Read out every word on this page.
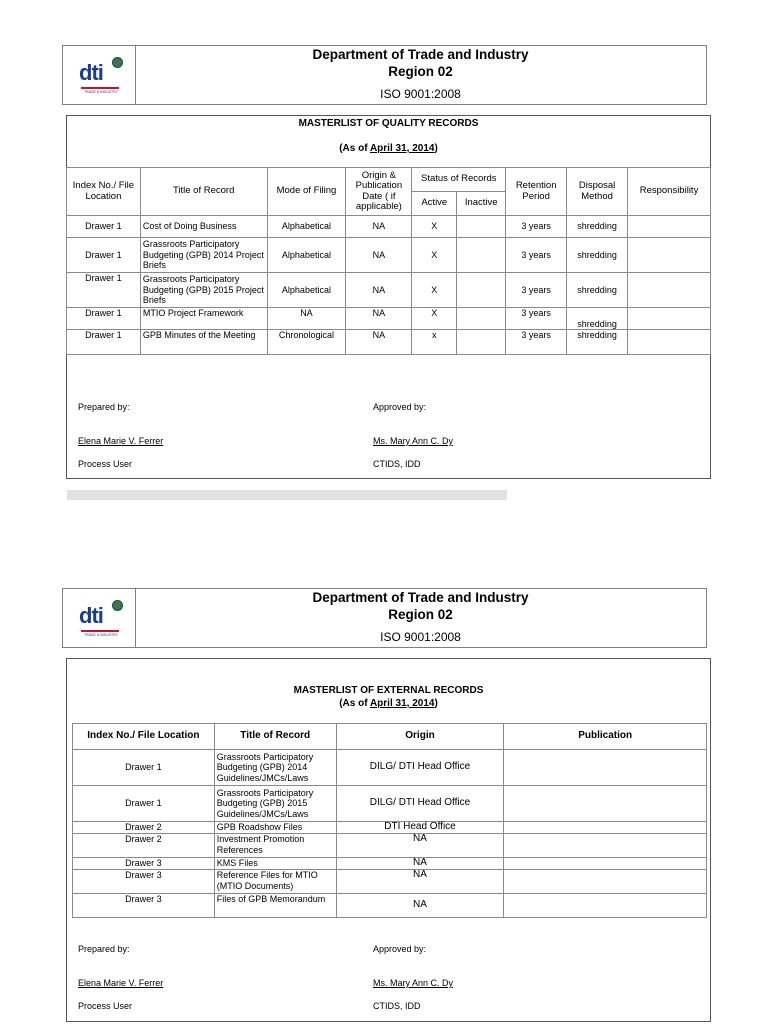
dti
TRADE & INDUSTRY
Department of Trade and Industry
Region 02
ISO 9001:2008
MASTERLIST OF QUALITY RECORDS
(As of April 31, 2014)
Index No./ File Location	Title of Record	Mode of Filing	Origin & Publication Date ( if applicable)	Status of Records		Retention Period	Disposal Method	Responsibility
				Active	Inactive			
Drawer 1	Cost of Doing Business	Alphabetical	NA	X		3 years	shredding	
Drawer 1	Grassroots Participatory Budgeting (GPB) 2014 Project Briefs	Alphabetical	NA	X		3 years	shredding	
Drawer 1	Grassroots Participatory Budgeting (GPB) 2015 Project Briefs	Alphabetical	NA	X		3 years	shredding	
Drawer 1	MTIO Project Framework	NA	NA	X		3 years	shredding	
Drawer 1	GPB Minutes of the Meeting	Chronological	NA	x		3 years	shredding	
Prepared by:	Approved by:
Elena Marie V. Ferrer	Ms. Mary Ann C. Dy
Process User	CTIDS, IDD
dti
TRADE & INDUSTRY
Department of Trade and Industry
Region 02
ISO 9001:2008
MASTERLIST OF EXTERNAL RECORDS
(As of April 31, 2014)
Index No./ File Location	Title of Record	Origin	Publication
Drawer 1	Grassroots Participatory Budgeting (GPB) 2014 Guidelines/JMCs/Laws	DILG/ DTI Head Office	
Drawer 1	Grassroots Participatory Budgeting (GPB) 2015 Guidelines/JMCs/Laws	DILG/ DTI Head Office	
Drawer 2	GPB Roadshow Files	DTI Head Office	
Drawer 2	Investment Promotion References	NA	
Drawer 3	KMS Files	NA	
Drawer 3	Reference Files for MTIO (MTIO Documents)	NA	
Drawer 3	Files of GPB Memorandum	NA	
Prepared by:	Approved by:
Elena Marie V. Ferrer	Ms. Mary Ann C. Dy
Process User	CTIDS, IDD
